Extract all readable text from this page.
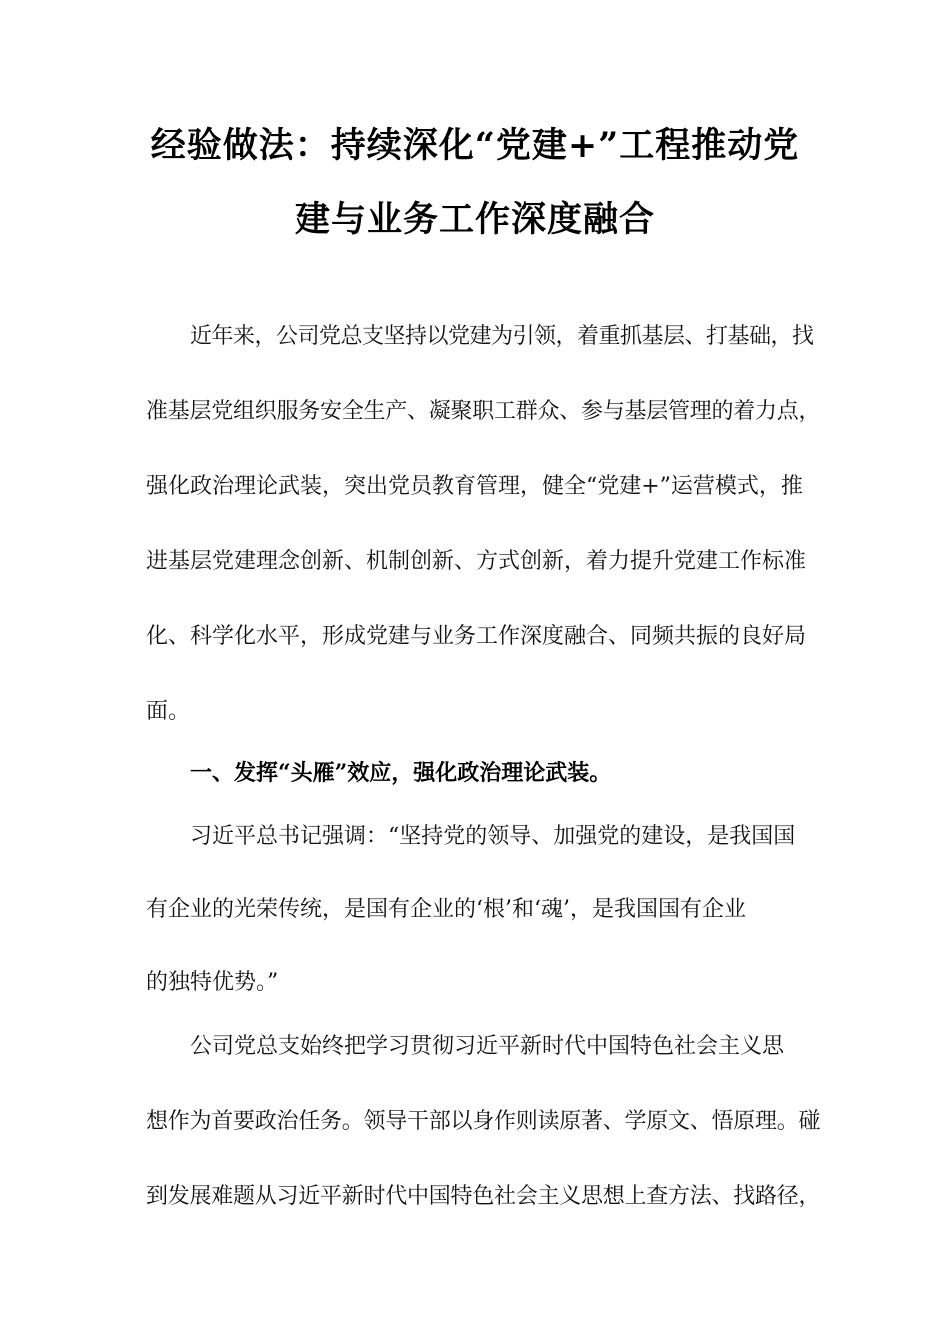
经验做法：持续深化“党建+”工程推动党
建与业务工作深度融合
近年来，公司党总支坚持以党建为引领，着重抓基层、打基础，找
准基层党组织服务安全生产、凝聚职工群众、参与基层管理的着力点，
强化政治理论武装，突出党员教育管理，健全“党建+”运营模式，推
进基层党建理念创新、机制创新、方式创新，着力提升党建工作标准
化、科学化水平，形成党建与业务工作深度融合、同频共振的良好局
面。
一、发挥“头雁”效应，强化政治理论武装。
习近平总书记强调：“坚持党的领导、加强党的建设，是我国国
有企业的光荣传统，是国有企业的‘根’和‘魂’，是我国国有企业
的独特优势。”
公司党总支始终把学习贯彻习近平新时代中国特色社会主义思
想作为首要政治任务。领导干部以身作则读原著、学原文、悟原理。碰
到发展难题从习近平新时代中国特色社会主义思想上查方法、找路径，
